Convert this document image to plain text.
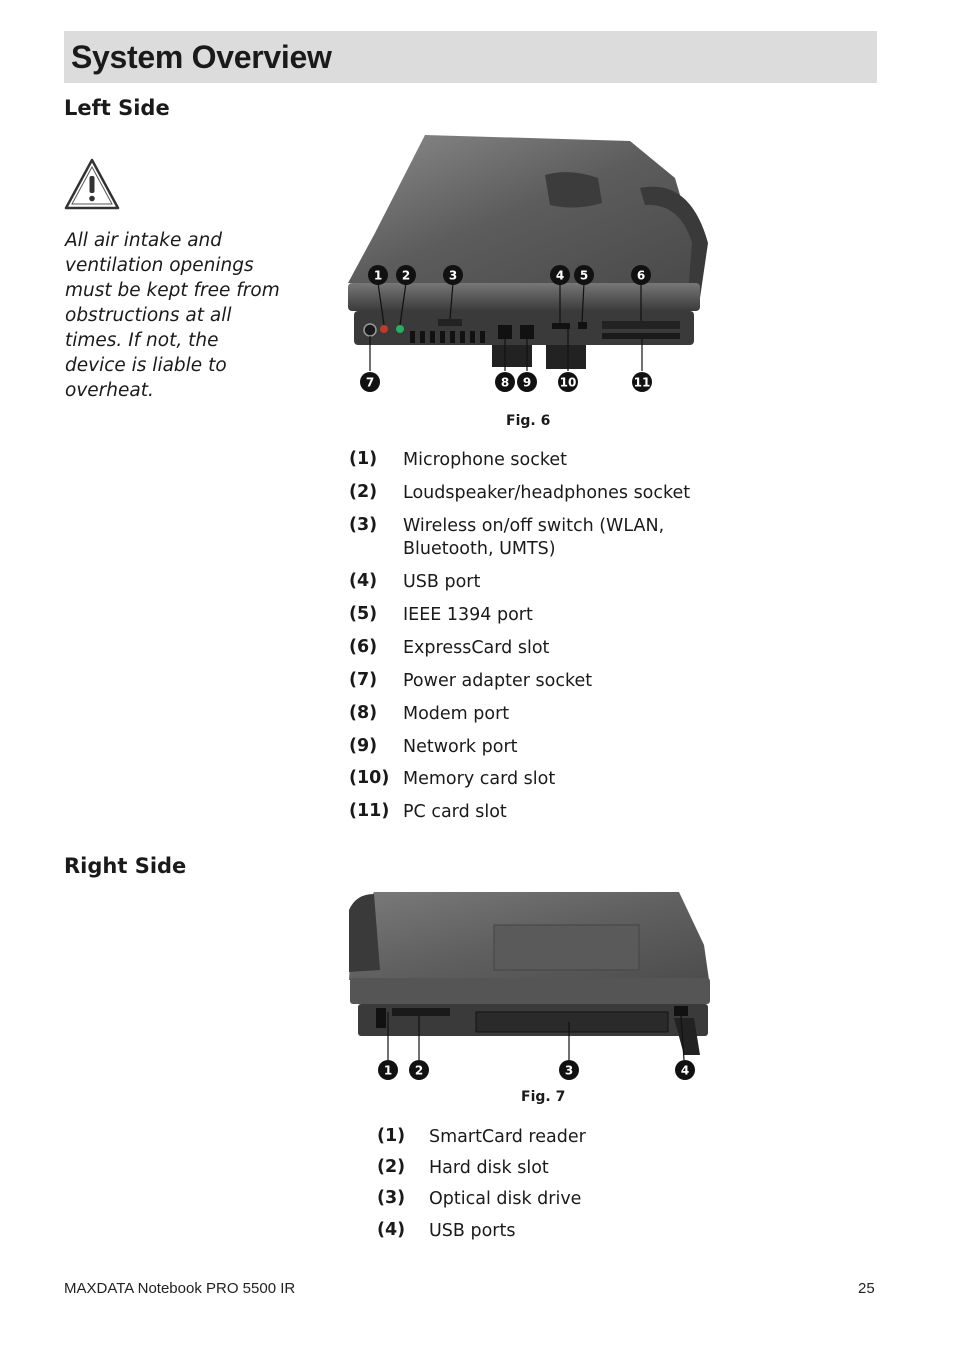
System Overview
Left Side
All air intake and ventilation openings must be kept free from obstructions at all times. If not, the device is liable to overheat.
1 2	3	4 5	6
7	8 9 10	11
Fig. 6
(1)	Microphone socket
(2)	Loudspeaker/headphones socket
(3)	Wireless on/off switch (WLAN, Bluetooth, UMTS)
(4)	USB port
(5)	IEEE 1394 port
(6)	ExpressCard slot
(7)	Power adapter socket
(8)	Modem port
(9)	Network port
(10) Memory card slot
(11) PC card slot
Right Side
1 2	3	4
Fig. 7
(1)	SmartCard reader
(2)	Hard disk slot
(3)	Optical disk drive
(4)	USB ports
MAXDATA Notebook PRO 5500 IR	25
